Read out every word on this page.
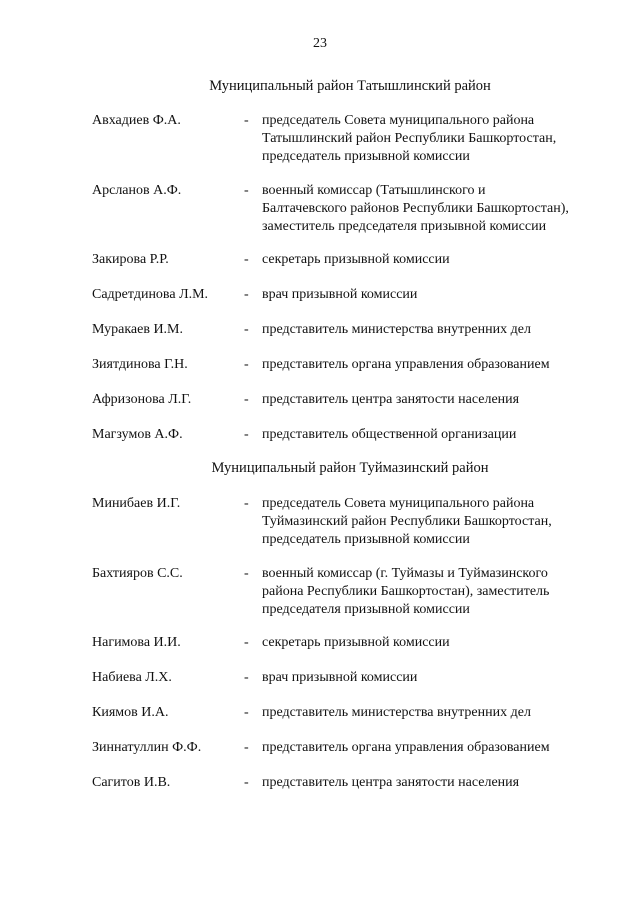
23
Муниципальный район Татышлинский район
Авхадиев Ф.А.	- председатель Совета муниципального района
Татышлинский район Республики Башкортостан,
председатель призывной комиссии
Арсланов А.Ф.	- военный комиссар (Татышлинского и
Балтачевского районов Республики Башкортостан),
заместитель председателя призывной комиссии
Закирова Р.Р.	- секретарь призывной комиссии
Садретдинова Л.М.	- врач призывной комиссии
Муракаев И.М.	- представитель министерства внутренних дел
Зиятдинова Г.Н.	- представитель органа управления образованием
Афризонова Л.Г.	- представитель центра занятости населения
Магзумов А.Ф.	- представитель общественной организации
Муниципальный район Туймазинский район
Минибаев И.Г.	- председатель Совета муниципального района
Туймазинский район Республики Башкортостан,
председатель призывной комиссии
Бахтияров С.С.	- военный комиссар (г. Туймазы и Туймазинского
района Республики Башкортостан), заместитель
председателя призывной комиссии
Нагимова И.И.	- секретарь призывной комиссии
Набиева Л.Х.	- врач призывной комиссии
Киямов И.А.	- представитель министерства внутренних дел
Зиннатуллин Ф.Ф.	- представитель органа управления образованием
Сагитов И.В.	- представитель центра занятости населения
